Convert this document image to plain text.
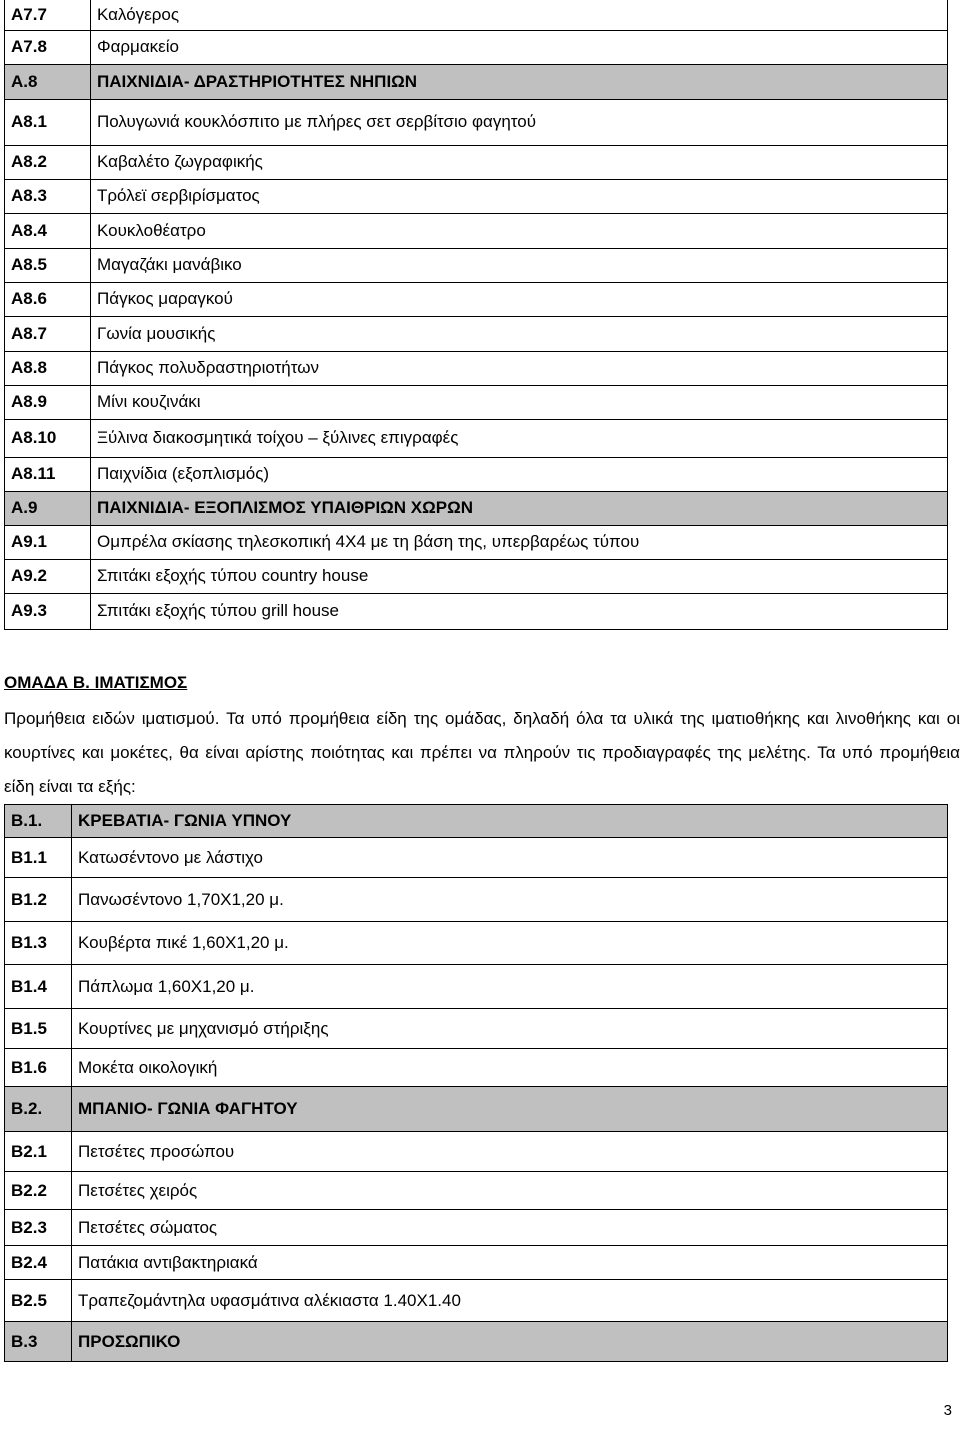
Α7.7	Καλόγερος
Α7.8	Φαρμακείο
Α.8	ΠΑΙΧΝΙΔΙΑ- ΔΡΑΣΤΗΡΙΟΤΗΤΕΣ ΝΗΠΙΩΝ
Α8.1	Πολυγωνιά κουκλόσπιτο με πλήρες σετ σερβίτσιο φαγητού
Α8.2	Καβαλέτο ζωγραφικής
Α8.3	Τρόλεϊ σερβιρίσματος
Α8.4	Κουκλοθέατρο
Α8.5	Μαγαζάκι μανάβικο
Α8.6	Πάγκος μαραγκού
Α8.7	Γωνία μουσικής
Α8.8	Πάγκος πολυδραστηριοτήτων
Α8.9	Μίνι κουζινάκι
Α8.10	Ξύλινα διακοσμητικά τοίχου – ξύλινες επιγραφές
Α8.11	Παιχνίδια (εξοπλισμός)
Α.9	ΠΑΙΧΝΙΔΙΑ- ΕΞΟΠΛΙΣΜΟΣ ΥΠΑΙΘΡΙΩΝ ΧΩΡΩΝ
Α9.1	Ομπρέλα σκίασης τηλεσκοπική 4Χ4 με τη βάση της, υπερβαρέως τύπου
Α9.2	Σπιτάκι εξοχής τύπου country house
Α9.3	Σπιτάκι εξοχής τύπου grill house
ΟΜΑΔΑ Β. ΙΜΑΤΙΣΜΟΣ
Προμήθεια ειδών ιματισμού. Τα υπό προμήθεια είδη της ομάδας, δηλαδή όλα τα υλικά της ιματιοθήκης και λινοθήκης και οι κουρτίνες και μοκέτες, θα είναι αρίστης ποιότητας και πρέπει να πληρούν τις προδιαγραφές της μελέτης. Τα υπό προμήθεια είδη είναι τα εξής:
Β.1.	ΚΡΕΒΑΤΙΑ- ΓΩΝΙΑ ΥΠΝΟΥ
Β1.1	Κατωσέντονο με λάστιχο
Β1.2	Πανωσέντονο 1,70Χ1,20 μ.
Β1.3	Κουβέρτα πικέ 1,60Χ1,20 μ.
Β1.4	Πάπλωμα 1,60Χ1,20 μ.
Β1.5	Κουρτίνες με μηχανισμό στήριξης
Β1.6	Μοκέτα οικολογική
Β.2.	ΜΠΑΝΙΟ- ΓΩΝΙΑ ΦΑΓΗΤΟΥ
Β2.1	Πετσέτες προσώπου
Β2.2	Πετσέτες χειρός
Β2.3	Πετσέτες σώματος
Β2.4	Πατάκια αντιβακτηριακά
Β2.5	Τραπεζομάντηλα υφασμάτινα αλέκιαστα 1.40Χ1.40
Β.3	ΠΡΟΣΩΠΙΚΟ
3
